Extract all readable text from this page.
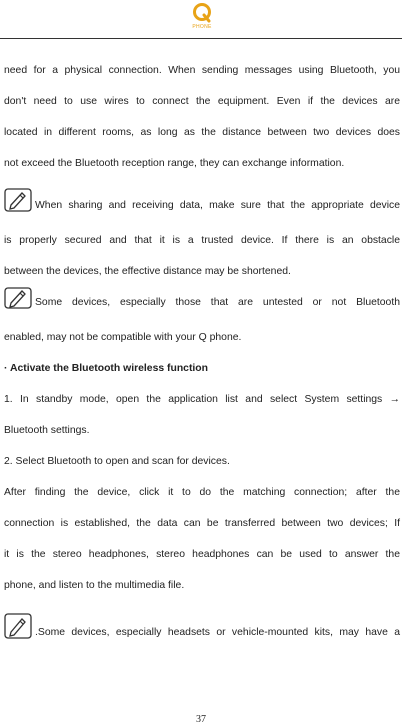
PHONE

need for a physical connection. When sending messages using Bluetooth, you

don't need to use wires to connect the equipment. Even if the devices are

located in different rooms, as long as the distance between two devices does

not exceed the Bluetooth reception range, they can exchange information.

When sharing and receiving data, make sure that the appropriate device

is properly secured and that it is a trusted device. If there is an obstacle

between the devices, the effective distance may be shortened.

Some devices, especially those that are untested or not Bluetooth

enabled, may not be compatible with your Q phone.

· Activate the Bluetooth wireless function

1. In standby mode, open the application list and select System settings →

Bluetooth settings.

2. Select Bluetooth to open and scan for devices.

After finding the device, click it to do the matching connection; after the

connection is established, the data can be transferred between two devices; If

it is the stereo headphones, stereo headphones can be used to answer the

phone, and listen to the multimedia file.

.Some devices, especially headsets or vehicle-mounted kits, may have a

37
